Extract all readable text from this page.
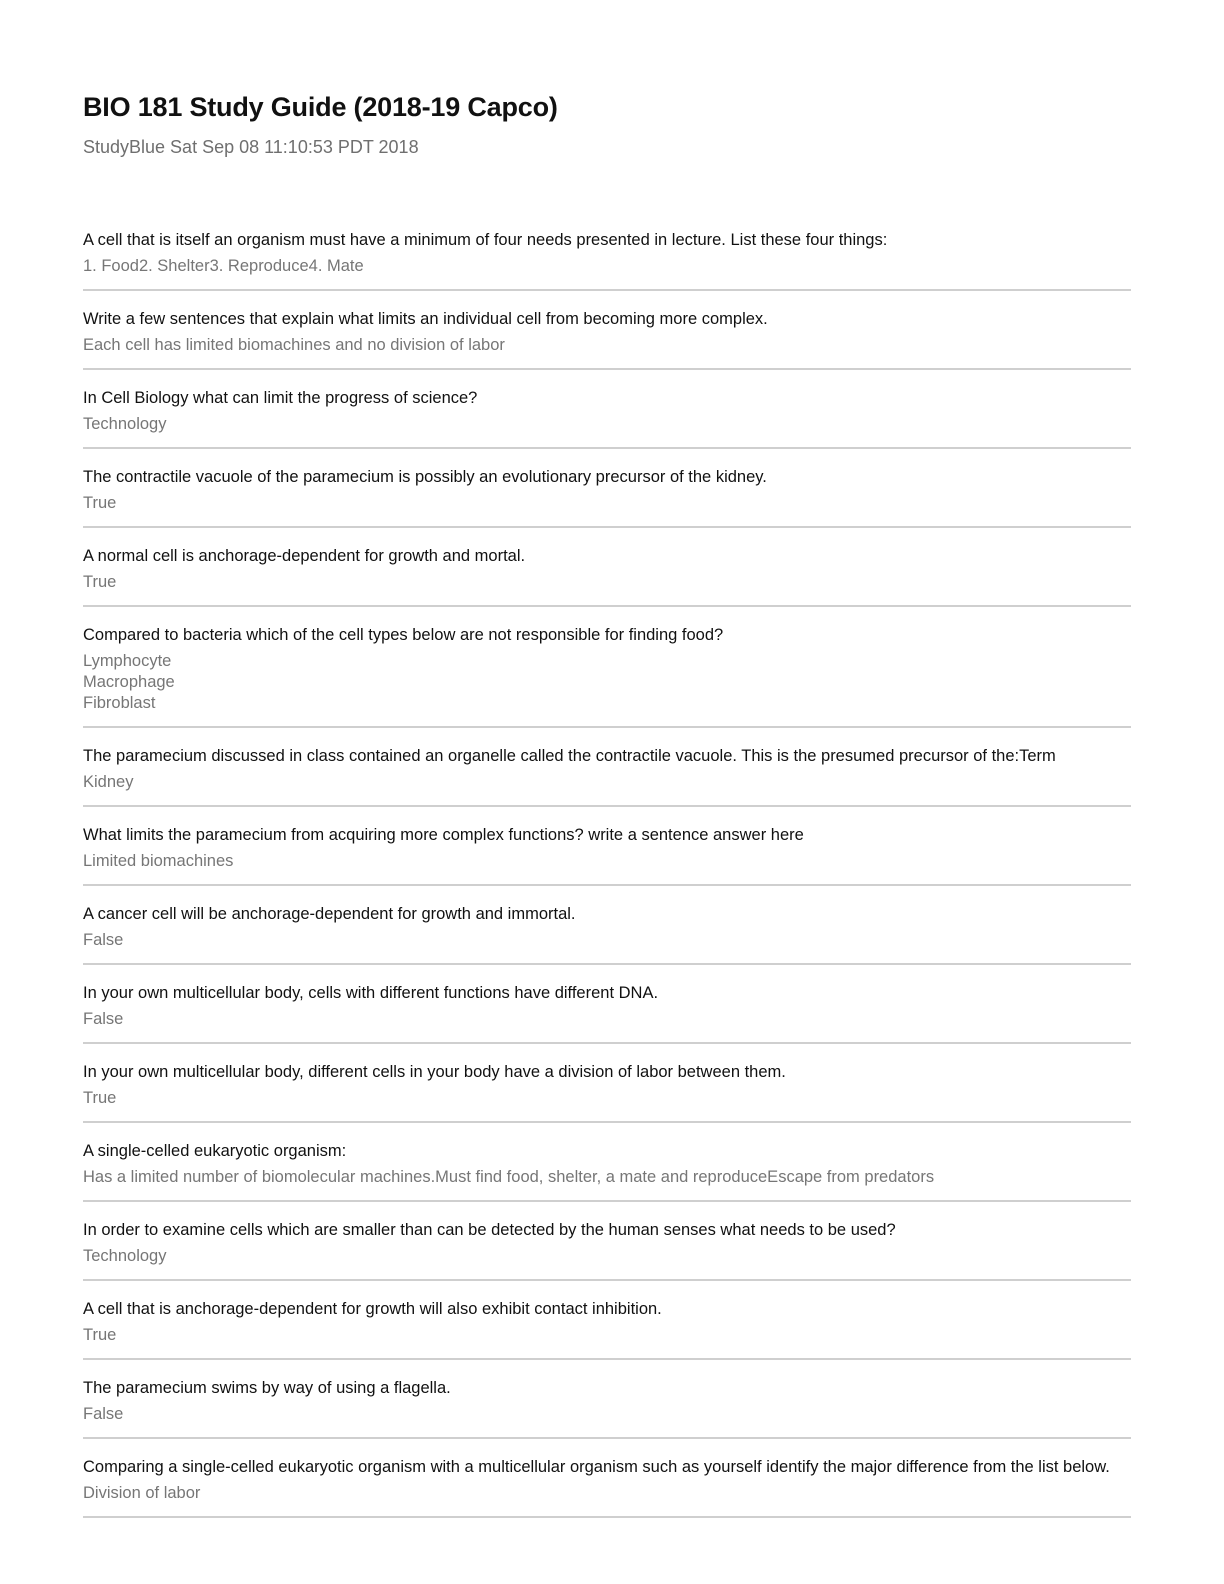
BIO 181 Study Guide (2018-19 Capco)

StudyBlue Sat Sep 08 11:10:53 PDT 2018

A cell that is itself an organism must have a minimum of four needs presented in lecture. List these four things:
1. Food2. Shelter3. Reproduce4. Mate
Write a few sentences that explain what limits an individual cell from becoming more complex.
Each cell has limited biomachines and no division of labor
In Cell Biology what can limit the progress of science?
Technology
The contractile vacuole of the paramecium is possibly an evolutionary precursor of the kidney.
True
A normal cell is anchorage-dependent for growth and mortal.
True
Compared to bacteria which of the cell types below are not responsible for finding food?
Lymphocyte
Macrophage
Fibroblast
The paramecium discussed in class contained an organelle called the contractile vacuole. This is the presumed precursor of the:Term
Kidney
What limits the paramecium from acquiring more complex functions? write a sentence answer here
Limited biomachines
A cancer cell will be anchorage-dependent for growth and immortal.
False
In your own multicellular body, cells with different functions have different DNA.
False
In your own multicellular body, different cells in your body have a division of labor between them.
True
A single-celled eukaryotic organism:
Has a limited number of biomolecular machines.Must find food, shelter, a mate and reproduceEscape from predators
In order to examine cells which are smaller than can be detected by the human senses what needs to be used?
Technology
A cell that is anchorage-dependent for growth will also exhibit contact inhibition.
True
The paramecium swims by way of using a flagella.
False
Comparing a single-celled eukaryotic organism with a multicellular organism such as yourself identify the major difference from the list below.
Division of labor
